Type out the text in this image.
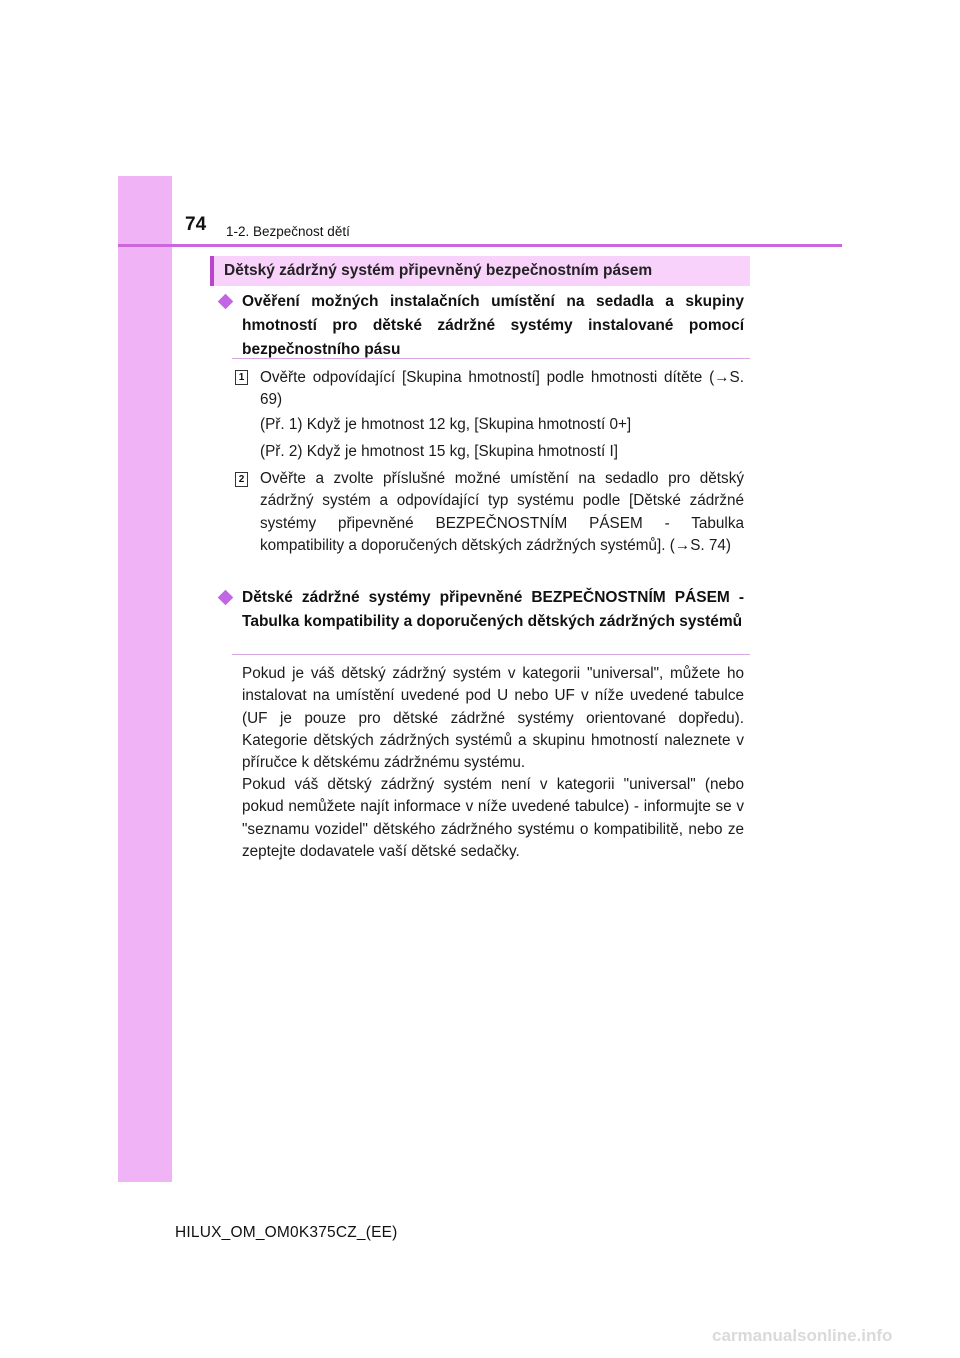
74 1-2. Bezpečnost dětí
Dětský zádržný systém připevněný bezpečnostním pásem
Ověření možných instalačních umístění na sedadla a skupiny hmotností pro dětské zádržné systémy instalované pomocí bezpečnostního pásu
1 Ověřte odpovídající [Skupina hmotností] podle hmotnosti dítěte (→S. 69)
(Př. 1) Když je hmotnost 12 kg, [Skupina hmotností 0+]
(Př. 2) Když je hmotnost 15 kg, [Skupina hmotností I]
2 Ověřte a zvolte příslušné možné umístění na sedadlo pro dětský zádržný systém a odpovídající typ systému podle [Dětské zádržné systémy připevněné BEZPEČNOSTNÍM PÁSEM - Tabulka kompatibility a doporučených dětských zádržných systémů]. (→S. 74)
Dětské zádržné systémy připevněné BEZPEČNOSTNÍM PÁSEM - Tabulka kompatibility a doporučených dětských zádržných systémů
Pokud je váš dětský zádržný systém v kategorii "universal", můžete ho instalovat na umístění uvedené pod U nebo UF v níže uvedené tabulce (UF je pouze pro dětské zádržné systémy orientované dopředu). Kategorie dětských zádržných systémů a skupinu hmotností naleznete v příručce k dětskému zádržnému systému.
Pokud váš dětský zádržný systém není v kategorii "universal" (nebo pokud nemůžete najít informace v níže uvedené tabulce) - informujte se v "seznamu vozidel" dětského zádržného systému o kompatibilitě, nebo ze zeptejte dodavatele vaší dětské sedačky.
HILUX_OM_OM0K375CZ_(EE)
carmanualsonline.info
